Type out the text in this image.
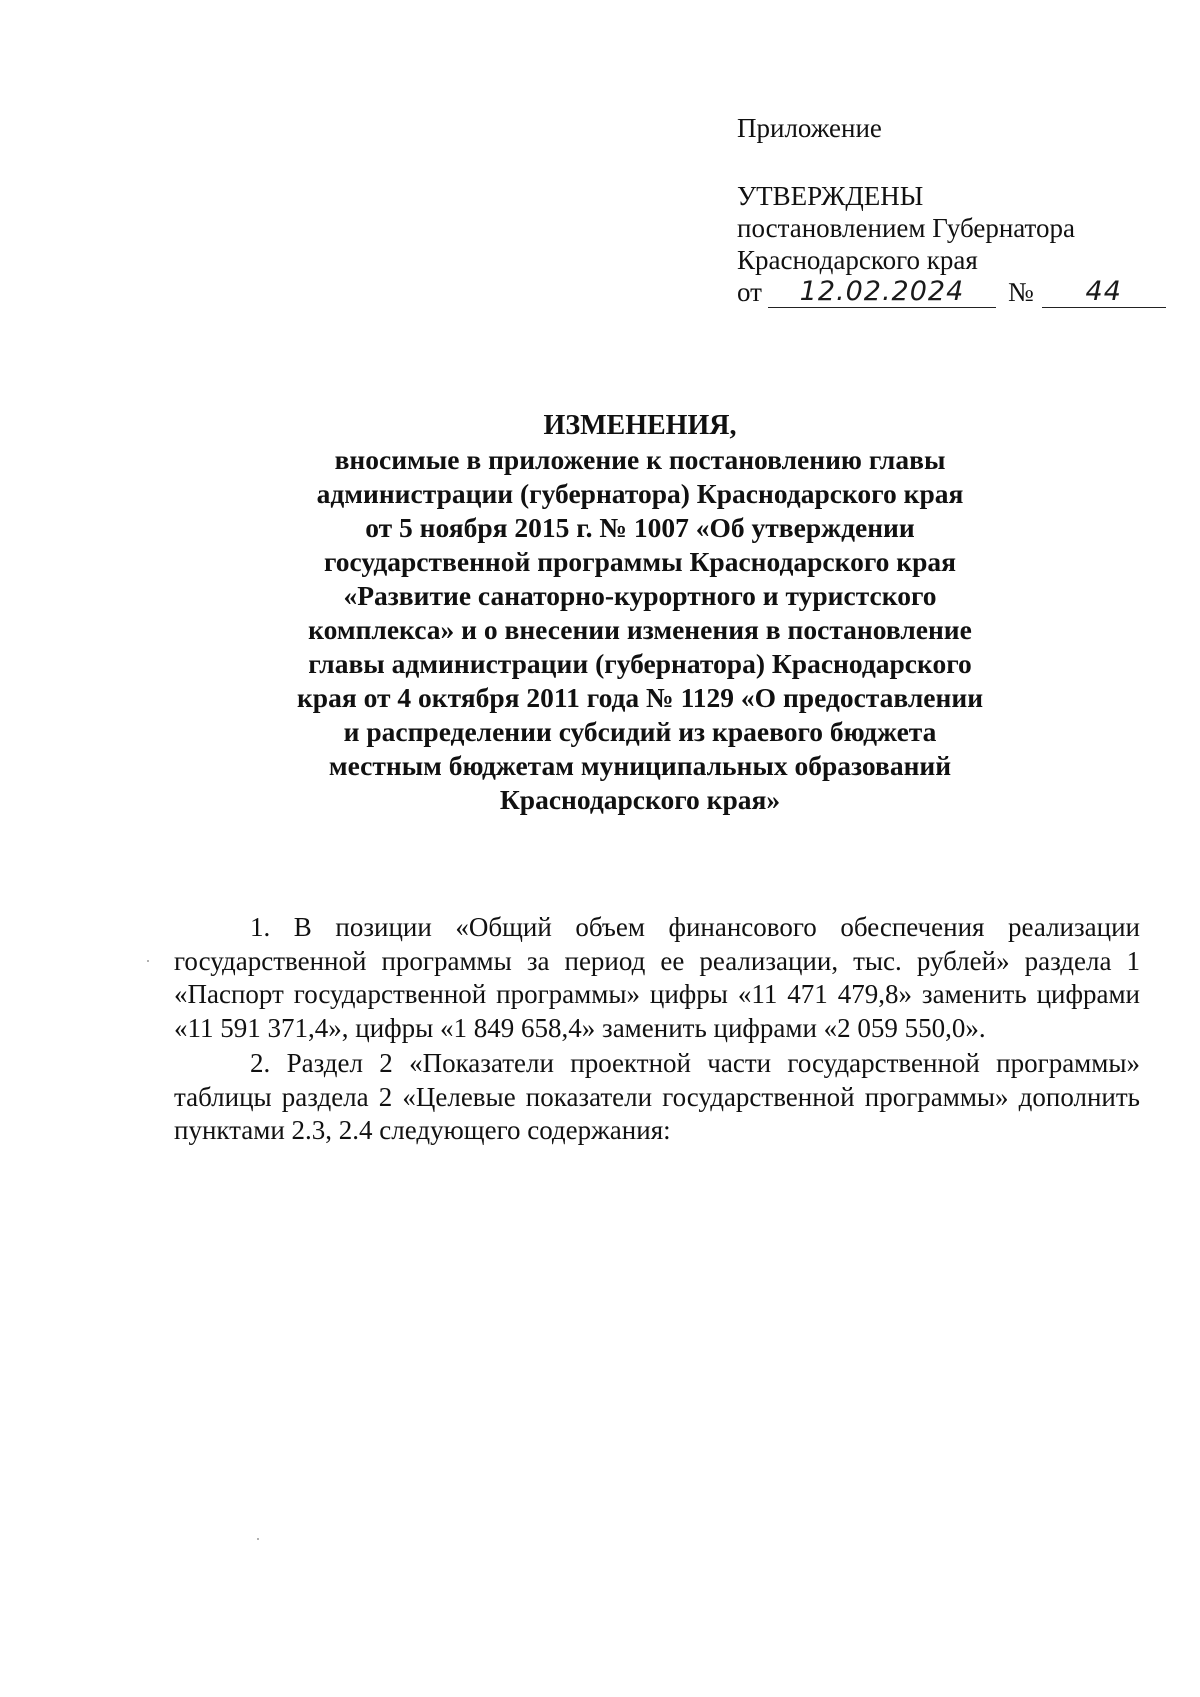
Приложение
УТВЕРЖДЕНЫ
постановлением Губернатора
Краснодарского края
от	12.02.2024	№	44
ИЗМЕНЕНИЯ,
вносимые в приложение к постановлению главы
администрации (губернатора) Краснодарского края
от 5 ноября 2015 г. № 1007 «Об утверждении
государственной программы Краснодарского края
«Развитие санаторно-курортного и туристского
комплекса» и о внесении изменения в постановление
главы администрации (губернатора) Краснодарского
края от 4 октября 2011 года № 1129 «О предоставлении
и распределении субсидий из краевого бюджета
местным бюджетам муниципальных образований
Краснодарского края»

1. В позиции «Общий объем финансового обеспечения реализации государственной программы за период ее реализации, тыс. рублей» раздела 1 «Паспорт государственной программы» цифры «11 471 479,8» заменить цифрами «11 591 371,4», цифры «1 849 658,4» заменить цифрами «2 059 550,0».

2. Раздел 2 «Показатели проектной части государственной программы» таблицы раздела 2 «Целевые показатели государственной программы» дополнить пунктами 2.3, 2.4 следующего содержания:
